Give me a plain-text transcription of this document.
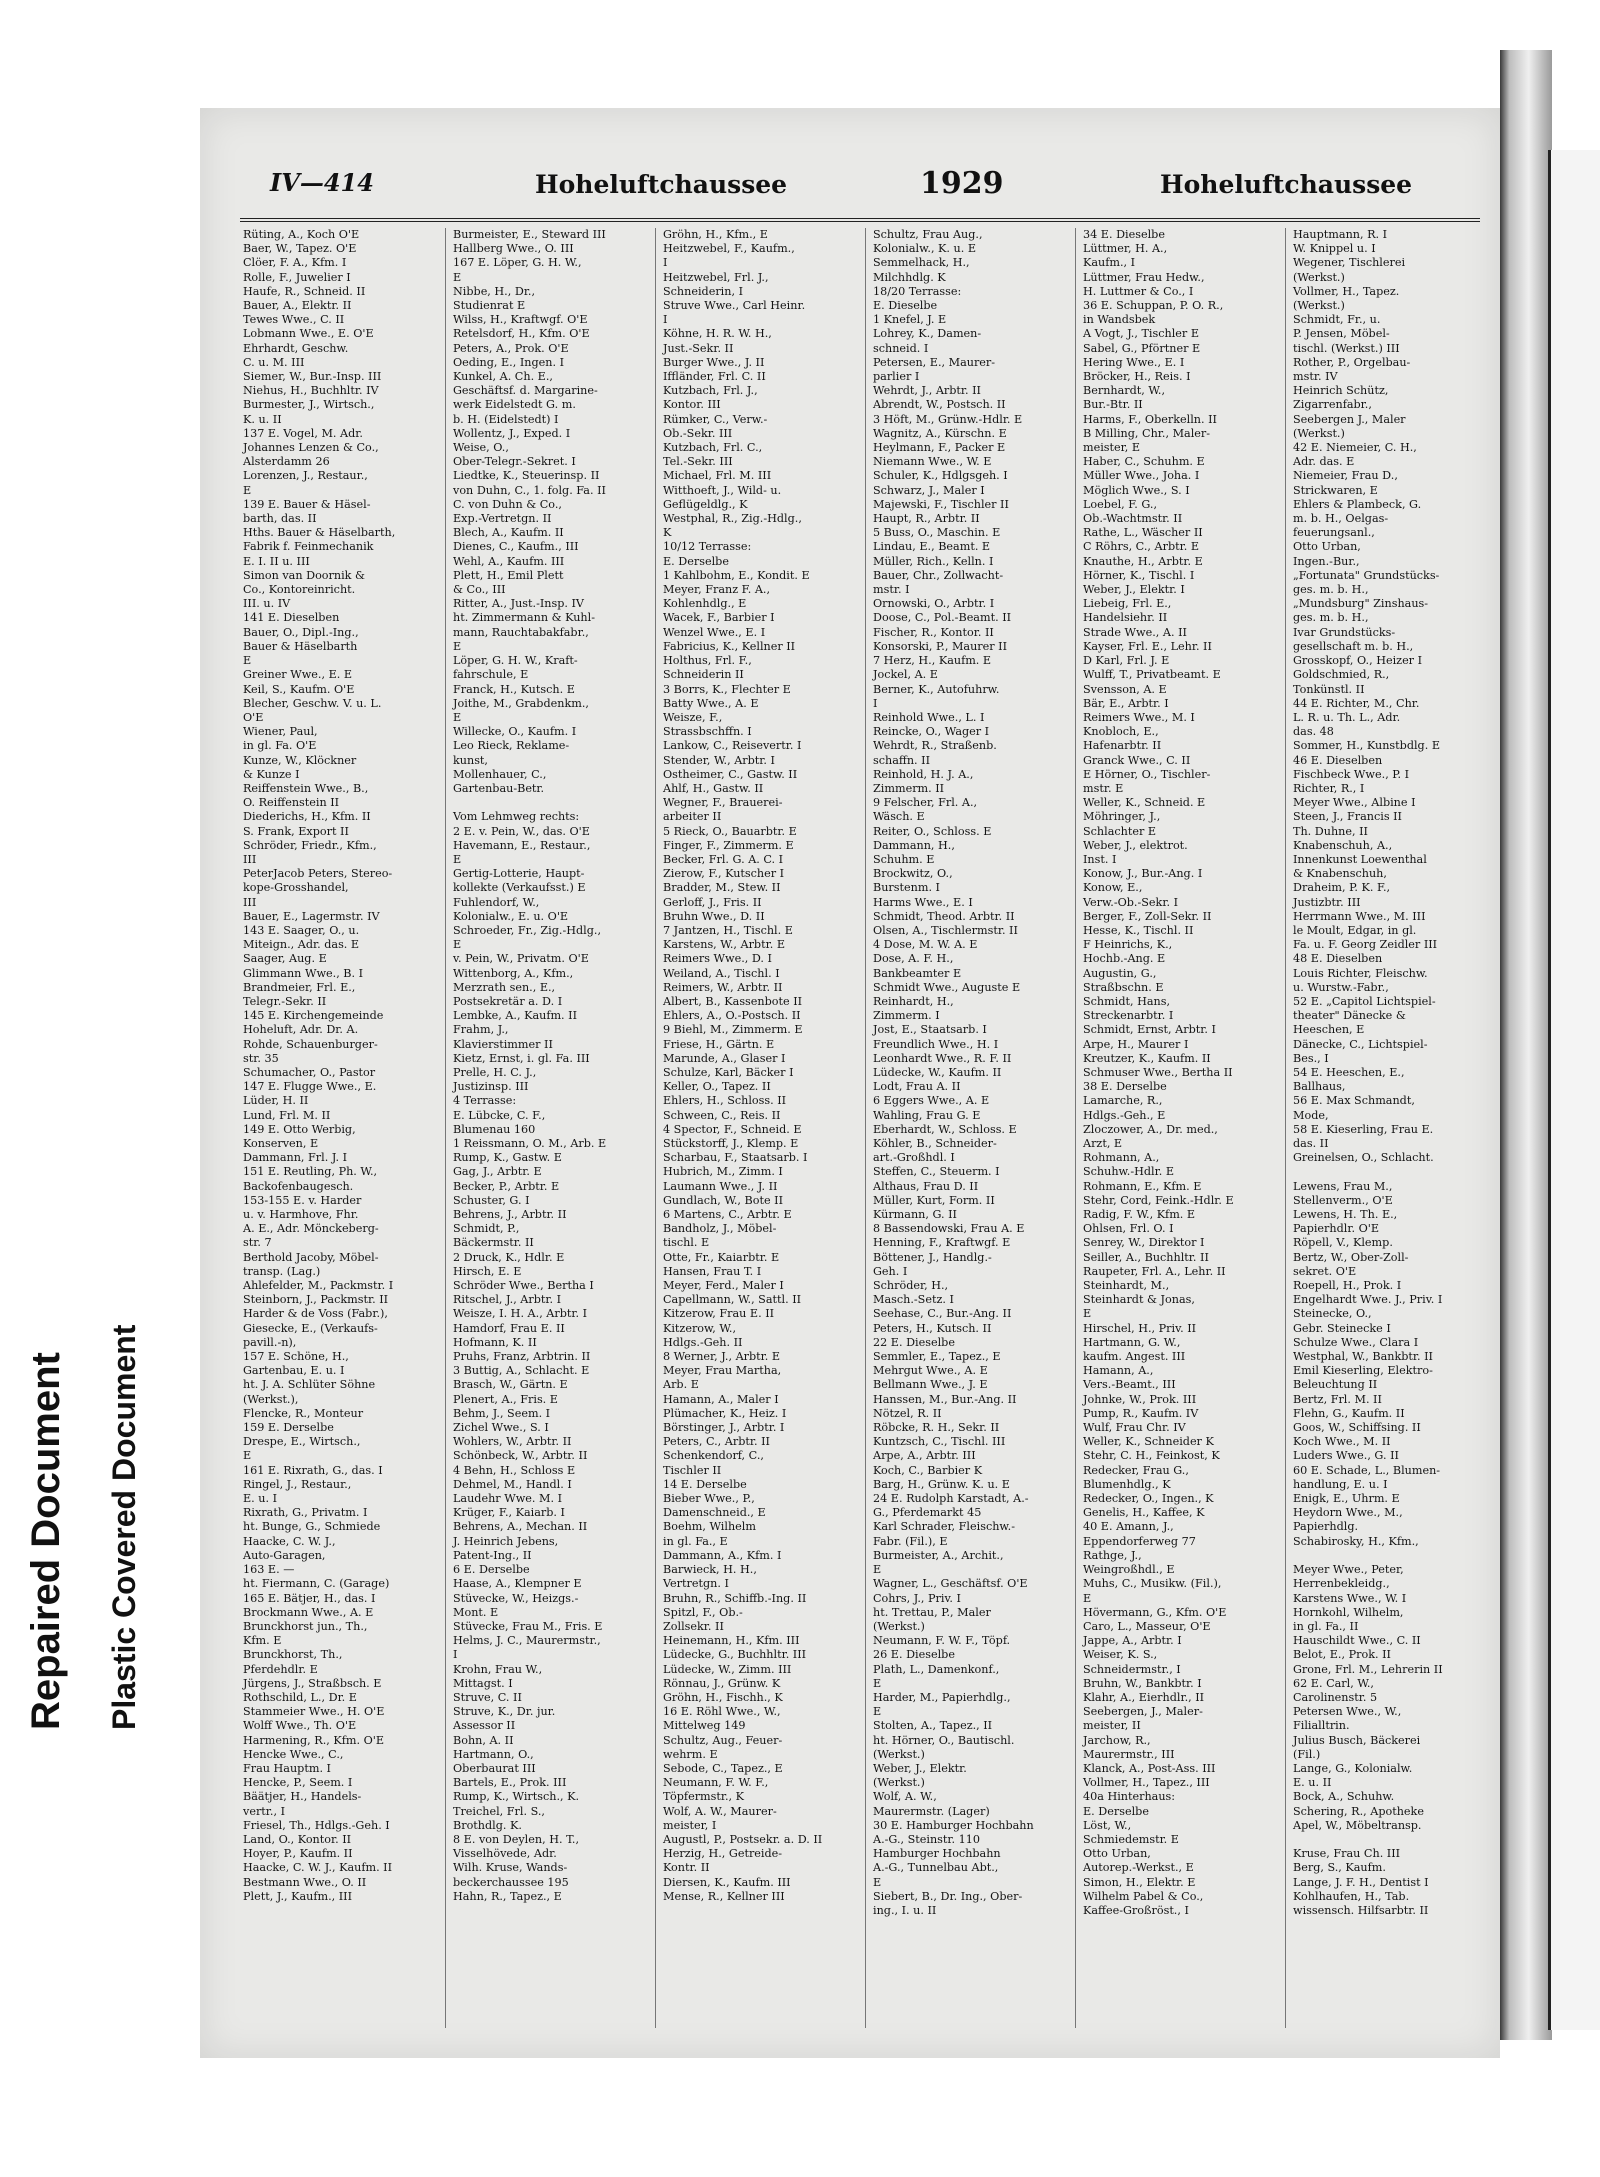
Repaired Document Plastic Covered Document
IV—414	Hoheluftchaussee	1929	Hoheluftchaussee
Rüting, A., Koch O'E
Baer, W., Tapez. O'E
Clöer, F. A., Kfm. I
Rolle, F., Juwelier I
Haufe, R., Schneid. II
Bauer, A., Elektr. II
Tewes Wwe., C. II
Lobmann Wwe., E. O'E
Ehrhardt, Geschw.
C. u. M. III
Siemer, W., Bur.-Insp. III
Niehus, H., Buchhltr. IV
Burmester, J., Wirtsch.,
K. u. II
137 E. Vogel, M. Adr.
Johannes Lenzen & Co.,
Alsterdamm 26
Lorenzen, J., Restaur.,
E
139 E. Bauer & Häsel-
barth, das. II
Hths. Bauer & Häselbarth,
Fabrik f. Feinmechanik
E. I. II u. III
Simon van Doornik &
Co., Kontoreinricht.
III. u. IV
141 E. Dieselben
Bauer, O., Dipl.-Ing.,
Bauer & Häselbarth
E
Greiner Wwe., E. E
Keil, S., Kaufm. O'E
Blecher, Geschw. V. u. L.
O'E
Wiener, Paul,
in gl. Fa. O'E
Kunze, W., Klöckner
& Kunze I
Reiffenstein Wwe., B.,
O. Reiffenstein II
Diederichs, H., Kfm. II
S. Frank, Export II
Schröder, Friedr., Kfm.,
III
PeterJacob Peters, Stereo-
kope-Grosshandel,
III
Bauer, E., Lagermstr. IV
143 E. Saager, O., u.
Miteign., Adr. das. E
Saager, Aug. E
Glimmann Wwe., B. I
Brandmeier, Frl. E.,
Telegr.-Sekr. II
145 E. Kirchengemeinde
Hoheluft, Adr. Dr. A.
Rohde, Schauenburger-
str. 35
Schumacher, O., Pastor
147 E. Flugge Wwe., E.
Lüder, H. II
Lund, Frl. M. II
149 E. Otto Werbig,
Konserven, E
Dammann, Frl. J. I
151 E. Reutling, Ph. W.,
Backofenbaugesch.
153-155 E. v. Harder
u. v. Harmhove, Fhr.
A. E., Adr. Mönckeberg-
str. 7
Berthold Jacoby, Möbel-
transp. (Lag.)
Ahlefelder, M., Packmstr. I
Steinborn, J., Packmstr. II
Harder & de Voss (Fabr.),
Giesecke, E., (Verkaufs-
pavill.-n),
157 E. Schöne, H.,
Gartenbau, E. u. I
ht. J. A. Schlüter Söhne
(Werkst.),
Flencke, R., Monteur
159 E. Derselbe
Drespe, E., Wirtsch.,
E
161 E. Rixrath, G., das. I
Ringel, J., Restaur.,
E. u. I
Rixrath, G., Privatm. I
ht. Bunge, G., Schmiede
Haacke, C. W. J.,
Auto-Garagen,
163 E. —
ht. Fiermann, C. (Garage)
165 E. Bätjer, H., das. I
Brockmann Wwe., A. E
Brunckhorst jun., Th.,
Kfm. E
Brunckhorst, Th.,
Pferdehdlr. E
Jürgens, J., Straßbsch. E
Rothschild, L., Dr. E
Stammeier Wwe., H. O'E
Wolff Wwe., Th. O'E
Harmening, R., Kfm. O'E
Hencke Wwe., C.,
Frau Hauptm. I
Hencke, P., Seem. I
Bäätjer, H., Handels-
vertr., I
Friesel, Th., Hdlgs.-Geh. I
Land, O., Kontor. II
Hoyer, P., Kaufm. II
Haacke, C. W. J., Kaufm. II
Bestmann Wwe., O. II
Plett, J., Kaufm., III
Burmeister, E., Steward III
Hallberg Wwe., O. III
167 E. Löper, G. H. W.,
E
Nibbe, H., Dr.,
Studienrat E
Wilss, H., Kraftwgf. O'E
Retelsdorf, H., Kfm. O'E
Peters, A., Prok. O'E
Oeding, E., Ingen. I
Kunkel, A. Ch. E.,
Geschäftsf. d. Margarine-
werk Eidelstedt G. m.
b. H. (Eidelstedt) I
Wollentz, J., Exped. I
Weise, O.,
Ober-Telegr.-Sekret. I
Liedtke, K., Steuerinsp. II
von Duhn, C., 1. folg. Fa. II
C. von Duhn & Co.,
Exp.-Vertretgn. II
Blech, A., Kaufm. II
Dienes, C., Kaufm., III
Wehl, A., Kaufm. III
Plett, H., Emil Plett
& Co., III
Ritter, A., Just.-Insp. IV
ht. Zimmermann & Kuhl-
mann, Rauchtabakfabr.,
E
Löper, G. H. W., Kraft-
fahrschule, E
Franck, H., Kutsch. E
Joithe, M., Grabdenkm.,
E
Willecke, O., Kaufm. I
Leo Rieck, Reklame-
kunst,
Mollenhauer, C.,
Gartenbau-Betr.

Vom Lehmweg rechts:
2 E. v. Pein, W., das. O'E
Havemann, E., Restaur.,
E
Gertig-Lotterie, Haupt-
kollekte (Verkaufsst.) E
Fuhlendorf, W.,
Kolonialw., E. u. O'E
Schroeder, Fr., Zig.-Hdlg.,
E
v. Pein, W., Privatm. O'E
Wittenborg, A., Kfm.,
Merzrath sen., E.,
Postsekretär a. D. I
Lembke, A., Kaufm. II
Frahm, J.,
Klavierstimmer II
Kietz, Ernst, i. gl. Fa. III
Prelle, H. C. J.,
Justizinsp. III
4 Terrasse:
E. Lübcke, C. F.,
Blumenau 160
1 Reissmann, O. M., Arb. E
Rump, K., Gastw. E
Gag, J., Arbtr. E
Becker, P., Arbtr. E
Schuster, G. I
Behrens, J., Arbtr. II
Schmidt, P.,
Bäckermstr. II
2 Druck, K., Hdlr. E
Hirsch, E. E
Schröder Wwe., Bertha I
Ritschel, J., Arbtr. I
Weisze, I. H. A., Arbtr. I
Hamdorf, Frau E. II
Hofmann, K. II
Pruhs, Franz, Arbtrin. II
3 Buttig, A., Schlacht. E
Brasch, W., Gärtn. E
Plenert, A., Fris. E
Behm, J., Seem. I
Zichel Wwe., S. I
Wohlers, W., Arbtr. II
Schönbeck, W., Arbtr. II
4 Behn, H., Schloss E
Dehmel, M., Handl. I
Laudehr Wwe. M. I
Krüger, F., Kaiarb. I
Behrens, A., Mechan. II
J. Heinrich Jebens,
Patent-Ing., II
6 E. Derselbe
Haase, A., Klempner E
Stüvecke, W., Heizgs.-
Mont. E
Stüvecke, Frau M., Fris. E
Helms, J. C., Maurermstr.,
I
Krohn, Frau W.,
Mittagst. I
Struve, C. II
Struve, K., Dr. jur.
Assessor II
Bohn, A. II
Hartmann, O.,
Oberbaurat III
Bartels, E., Prok. III
Rump, K., Wirtsch., K.
Treichel, Frl. S.,
Brothdlg. K.
8 E. von Deylen, H. T.,
Visselhövede, Adr.
Wilh. Kruse, Wands-
beckerchaussee 195
Hahn, R., Tapez., E
Gröhn, H., Kfm., E
Heitzwebel, F., Kaufm.,
I
Heitzwebel, Frl. J.,
Schneiderin, I
Struve Wwe., Carl Heinr.
I
Köhne, H. R. W. H.,
Just.-Sekr. II
Burger Wwe., J. II
Iffländer, Frl. C. II
Kutzbach, Frl. J.,
Kontor. III
Rümker, C., Verw.-
Ob.-Sekr. III
Kutzbach, Frl. C.,
Tel.-Sekr. III
Michael, Frl. M. III
Witthoeft, J., Wild- u.
Geflügeldlg., K
Westphal, R., Zig.-Hdlg.,
K
10/12 Terrasse:
E. Derselbe
1 Kahlbohm, E., Kondit. E
Meyer, Franz F. A.,
Kohlenhdlg., E
Wacek, F., Barbier I
Wenzel Wwe., E. I
Fabricius, K., Kellner II
Holthus, Frl. F.,
Schneiderin II
3 Borrs, K., Flechter E
Batty Wwe., A. E
Weisze, F.,
Strassbschffn. I
Lankow, C., Reisevertr. I
Stender, W., Arbtr. I
Ostheimer, C., Gastw. II
Ahlf, H., Gastw. II
Wegner, F., Brauerei-
arbeiter II
5 Rieck, O., Bauarbtr. E
Finger, F., Zimmerm. E
Becker, Frl. G. A. C. I
Zierow, F., Kutscher I
Bradder, M., Stew. II
Gerloff, J., Fris. II
Bruhn Wwe., D. II
7 Jantzen, H., Tischl. E
Karstens, W., Arbtr. E
Reimers Wwe., D. I
Weiland, A., Tischl. I
Reimers, W., Arbtr. II
Albert, B., Kassenbote II
Ehlers, A., O.-Postsch. II
9 Biehl, M., Zimmerm. E
Friese, H., Gärtn. E
Marunde, A., Glaser I
Schulze, Karl, Bäcker I
Keller, O., Tapez. II
Ehlers, H., Schloss. II
Schween, C., Reis. II
4 Spector, F., Schneid. E
Stückstorff, J., Klemp. E
Scharbau, F., Staatsarb. I
Hubrich, M., Zimm. I
Laumann Wwe., J. II
Gundlach, W., Bote II
6 Martens, C., Arbtr. E
Bandholz, J., Möbel-
tischl. E
Otte, Fr., Kaiarbtr. E
Hansen, Frau T. I
Meyer, Ferd., Maler I
Capellmann, W., Sattl. II
Kitzerow, Frau E. II
Kitzerow, W.,
Hdlgs.-Geh. II
8 Werner, J., Arbtr. E
Meyer, Frau Martha,
Arb. E
Hamann, A., Maler I
Plümacher, K., Heiz. I
Börstinger, J., Arbtr. I
Peters, C., Arbtr. II
Schenkendorf, C.,
Tischler II
14 E. Derselbe
Bieber Wwe., P.,
Damenschneid., E
Boehm, Wilhelm
in gl. Fa., E
Dammann, A., Kfm. I
Barwieck, H. H.,
Vertretgn. I
Bruhn, R., Schiffb.-Ing. II
Spitzl, F., Ob.-
Zollsekr. II
Heinemann, H., Kfm. III
Lüdecke, G., Buchhltr. III
Lüdecke, W., Zimm. III
Rönnau, J., Grünw. K
Gröhn, H., Fischh., K
16 E. Röhl Wwe., W.,
Mittelweg 149
Schultz, Aug., Feuer-
wehrm. E
Sebode, C., Tapez., E
Neumann, F. W. F.,
Töpfermstr., K
Wolf, A. W., Maurer-
meister, I
Augustl, P., Postsekr. a. D. II
Herzig, H., Getreide-
Kontr. II
Diersen, K., Kaufm. III
Mense, R., Kellner III
Schultz, Frau Aug.,
Kolonialw., K. u. E
Semmelhack, H.,
Milchhdlg. K
18/20 Terrasse:
E. Dieselbe
1 Knefel, J. E
Lohrey, K., Damen-
schneid. I
Petersen, E., Maurer-
parlier I
Wehrdt, J., Arbtr. II
Abrendt, W., Postsch. II
3 Höft, M., Grünw.-Hdlr. E
Wagnitz, A., Kürschn. E
Heylmann, F., Packer E
Niemann Wwe., W. E
Schuler, K., Hdlgsgeh. I
Schwarz, J., Maler I
Majewski, F., Tischler II
Haupt, R., Arbtr. II
5 Buss, O., Maschin. E
Lindau, E., Beamt. E
Müller, Rich., Kelln. I
Bauer, Chr., Zollwacht-
mstr. I
Ornowski, O., Arbtr. I
Doose, C., Pol.-Beamt. II
Fischer, R., Kontor. II
Konsorski, P., Maurer II
7 Herz, H., Kaufm. E
Jockel, A. E
Berner, K., Autofuhrw.
I
Reinhold Wwe., L. I
Reincke, O., Wager I
Wehrdt, R., Straßenb.
schaffn. II
Reinhold, H. J. A.,
Zimmerm. II
9 Felscher, Frl. A.,
Wäsch. E
Reiter, O., Schloss. E
Dammann, H.,
Schuhm. E
Brockwitz, O.,
Burstenm. I
Harms Wwe., E. I
Schmidt, Theod. Arbtr. II
Olsen, A., Tischlermstr. II
4 Dose, M. W. A. E
Dose, A. F. H.,
Bankbeamter E
Schmidt Wwe., Auguste E
Reinhardt, H.,
Zimmerm. I
Jost, E., Staatsarb. I
Freundlich Wwe., H. I
Leonhardt Wwe., R. F. II
Lüdecke, W., Kaufm. II
Lodt, Frau A. II
6 Eggers Wwe., A. E
Wahling, Frau G. E
Eberhardt, W., Schloss. E
Köhler, B., Schneider-
art.-Großhdl. I
Steffen, C., Steuerm. I
Althaus, Frau D. II
Müller, Kurt, Form. II
Kürmann, G. II
8 Bassendowski, Frau A. E
Henning, F., Kraftwgf. E
Böttener, J., Handlg.-
Geh. I
Schröder, H.,
Masch.-Setz. I
Seehase, C., Bur.-Ang. II
Peters, H., Kutsch. II
22 E. Dieselbe
Semmler, E., Tapez., E
Mehrgut Wwe., A. E
Bellmann Wwe., J. E
Hanssen, M., Bur.-Ang. II
Nötzel, R. II
Röbcke, R. H., Sekr. II
Kuntzsch, C., Tischl. III
Arpe, A., Arbtr. III
Koch, C., Barbier K
Barg, H., Grünw. K. u. E
24 E. Rudolph Karstadt, A.-
G., Pferdemarkt 45
Karl Schrader, Fleischw.-
Fabr. (Fil.), E
Burmeister, A., Archit.,
E
Wagner, L., Geschäftsf. O'E
Cohrs, J., Priv. I
ht. Trettau, P., Maler
(Werkst.)
Neumann, F. W. F., Töpf.
26 E. Dieselbe
Plath, L., Damenkonf.,
E
Harder, M., Papierhdlg.,
E
Stolten, A., Tapez., II
ht. Hörner, O., Bautischl.
(Werkst.)
Weber, J., Elektr.
(Werkst.)
Wolf, A. W.,
Maurermstr. (Lager)
30 E. Hamburger Hochbahn
A.-G., Steinstr. 110
Hamburger Hochbahn
A.-G., Tunnelbau Abt.,
E
Siebert, B., Dr. Ing., Ober-
ing., I. u. II
34 E. Dieselbe
Lüttmer, H. A.,
Kaufm., I
Lüttmer, Frau Hedw.,
H. Luttmer & Co., I
36 E. Schuppan, P. O. R.,
in Wandsbek
A Vogt, J., Tischler E
Sabel, G., Pförtner E
Hering Wwe., E. I
Bröcker, H., Reis. I
Bernhardt, W.,
Bur.-Btr. II
Harms, F., Oberkelln. II
B Milling, Chr., Maler-
meister, E
Haber, C., Schuhm. E
Müller Wwe., Joha. I
Möglich Wwe., S. I
Loebel, F. G.,
Ob.-Wachtmstr. II
Rathe, L., Wäscher II
C Röhrs, C., Arbtr. E
Knauthe, H., Arbtr. E
Hörner, K., Tischl. I
Weber, J., Elektr. I
Liebeig, Frl. E.,
Handelsiehr. II
Strade Wwe., A. II
Kayser, Frl. E., Lehr. II
D Karl, Frl. J. E
Wulff, T., Privatbeamt. E
Svensson, A. E
Bär, E., Arbtr. I
Reimers Wwe., M. I
Knobloch, E.,
Hafenarbtr. II
Granck Wwe., C. II
E Hörner, O., Tischler-
mstr. E
Weller, K., Schneid. E
Möhringer, J.,
Schlachter E
Weber, J., elektrot.
Inst. I
Konow, J., Bur.-Ang. I
Konow, E.,
Verw.-Ob.-Sekr. I
Berger, F., Zoll-Sekr. II
Hesse, K., Tischl. II
F Heinrichs, K.,
Hochb.-Ang. E
Augustin, G.,
Straßbschn. E
Schmidt, Hans,
Streckenarbtr. I
Schmidt, Ernst, Arbtr. I
Arpe, H., Maurer I
Kreutzer, K., Kaufm. II
Schmuser Wwe., Bertha II
38 E. Derselbe
Lamarche, R.,
Hdlgs.-Geh., E
Zloczower, A., Dr. med.,
Arzt, E
Rohmann, A.,
Schuhw.-Hdlr. E
Rohmann, E., Kfm. E
Stehr, Cord, Feink.-Hdlr. E
Radig, F. W., Kfm. E
Ohlsen, Frl. O. I
Senrey, W., Direktor I
Seiller, A., Buchhltr. II
Raupeter, Frl. A., Lehr. II
Steinhardt, M.,
Steinhardt & Jonas,
E
Hirschel, H., Priv. II
Hartmann, G. W.,
kaufm. Angest. III
Hamann, A.,
Vers.-Beamt., III
Johnke, W., Prok. III
Pump, R., Kaufm. IV
Wulf, Frau Chr. IV
Weller, K., Schneider K
Stehr, C. H., Feinkost, K
Redecker, Frau G.,
Blumenhdlg., K
Redecker, O., Ingen., K
Genelis, H., Kaffee, K
40 E. Amann, J.,
Eppendorferweg 77
Rathge, J.,
Weingroßhdl., E
Muhs, C., Musikw. (Fil.),
E
Hövermann, G., Kfm. O'E
Caro, L., Masseur, O'E
Jappe, A., Arbtr. I
Weiser, K. S.,
Schneidermstr., I
Bruhn, W., Bankbtr. I
Klahr, A., Eierhdlr., II
Seebergen, J., Maler-
meister, II
Jarchow, R.,
Maurermstr., III
Klanck, A., Post-Ass. III
Vollmer, H., Tapez., III
40a Hinterhaus:
E. Derselbe
Löst, W.,
Schmiedemstr. E
Otto Urban,
Autorep.-Werkst., E
Simon, H., Elektr. E
Wilhelm Pabel & Co.,
Kaffee-Großröst., I
Hauptmann, R. I
W. Knippel u. I
Wegener, Tischlerei
(Werkst.)
Vollmer, H., Tapez.
(Werkst.)
Schmidt, Fr., u.
P. Jensen, Möbel-
tischl. (Werkst.) III
Rother, P., Orgelbau-
mstr. IV
Heinrich Schütz,
Zigarrenfabr.,
Seebergen J., Maler
(Werkst.)
42 E. Niemeier, C. H.,
Adr. das. E
Niemeier, Frau D.,
Strickwaren, E
Ehlers & Plambeck, G.
m. b. H., Oelgas-
feuerungsanl.,
Otto Urban,
Ingen.-Bur.,
„Fortunata" Grundstücks-
ges. m. b. H.,
„Mundsburg" Zinshaus-
ges. m. b. H.,
Ivar Grundstücks-
gesellschaft m. b. H.,
Grosskopf, O., Heizer I
Goldschmied, R.,
Tonkünstl. II
44 E. Richter, M., Chr.
L. R. u. Th. L., Adr.
das. 48
Sommer, H., Kunstbdlg. E
46 E. Dieselben
Fischbeck Wwe., P. I
Richter, R., I
Meyer Wwe., Albine I
Steen, J., Francis II
Th. Duhne, II
Knabenschuh, A.,
Innenkunst Loewenthal
& Knabenschuh,
Draheim, P. K. F.,
Justizbtr. III
Herrmann Wwe., M. III
le Moult, Edgar, in gl.
Fa. u. F. Georg Zeidler III
48 E. Dieselben
Louis Richter, Fleischw.
u. Wurstw.-Fabr.,
52 E. „Capitol Lichtspiel-
theater" Dänecke &
Heeschen, E
Dänecke, C., Lichtspiel-
Bes., I
54 E. Heeschen, E.,
Ballhaus,
56 E. Max Schmandt,
Mode,
58 E. Kieserling, Frau E.
das. II
Greinelsen, O., Schlacht.

Lewens, Frau M.,
Stellenverm., O'E
Lewens, H. Th. E.,
Papierhdlr. O'E
Röpell, V., Klemp.
Bertz, W., Ober-Zoll-
sekret. O'E
Roepell, H., Prok. I
Engelhardt Wwe. J., Priv. I
Steinecke, O.,
Gebr. Steinecke I
Schulze Wwe., Clara I
Westphal, W., Bankbtr. II
Emil Kieserling, Elektro-
Beleuchtung II
Bertz, Frl. M. II
Flehn, G., Kaufm. II
Goos, W., Schiffsing. II
Koch Wwe., M. II
Luders Wwe., G. II
60 E. Schade, L., Blumen-
handlung, E. u. I
Enigk, E., Uhrm. E
Heydorn Wwe., M.,
Papierhdlg.
Schabirosky, H., Kfm.,

Meyer Wwe., Peter,
Herrenbekleidg.,
Karstens Wwe., W. I
Hornkohl, Wilhelm,
in gl. Fa., II
Hauschildt Wwe., C. II
Belot, E., Prok. II
Grone, Frl. M., Lehrerin II
62 E. Carl, W.,
Carolinenstr. 5
Petersen Wwe., W.,
Filialltrin.
Julius Busch, Bäckerei
(Fil.)
Lange, G., Kolonialw.
E. u. II
Bock, A., Schuhw.
Schering, R., Apotheke
Apel, W., Möbeltransp.

Kruse, Frau Ch. III
Berg, S., Kaufm.
Lange, J. F. H., Dentist I
Kohlhaufen, H., Tab.
wissensch. Hilfsarbtr. II
